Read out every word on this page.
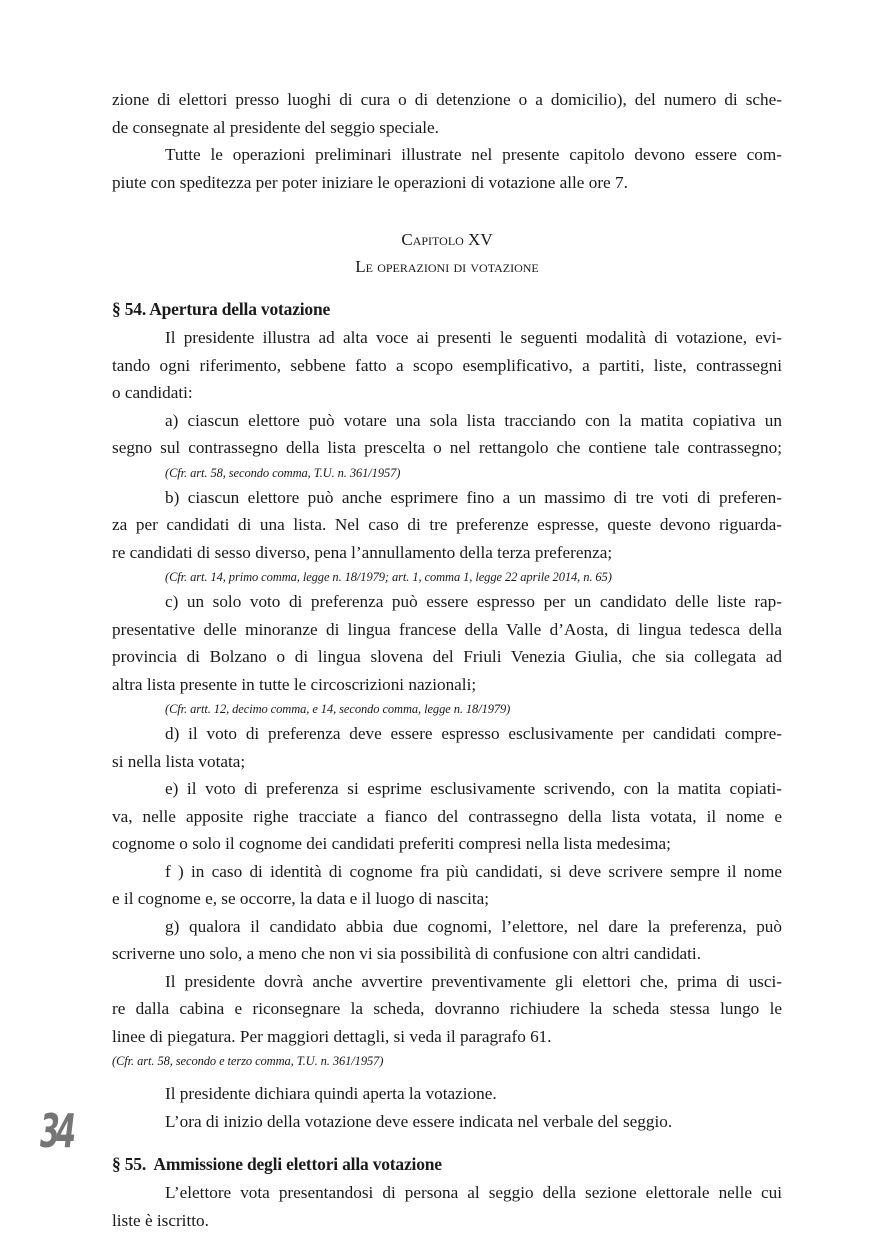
zione di elettori presso luoghi di cura o di detenzione o a domicilio), del numero di sche-
de consegnate al presidente del seggio speciale.
Tutte le operazioni preliminari illustrate nel presente capitolo devono essere com-
piute con speditezza per poter iniziare le operazioni di votazione alle ore 7.
Capitolo XV
Le operazioni di votazione
§ 54. Apertura della votazione
Il presidente illustra ad alta voce ai presenti le seguenti modalità di votazione, evi-
tando ogni riferimento, sebbene fatto a scopo esemplificativo, a partiti, liste, contrassegni
o candidati:
a) ciascun elettore può votare una sola lista tracciando con la matita copiativa un
segno sul contrassegno della lista prescelta o nel rettangolo che contiene tale contrassegno;
(Cfr. art. 58, secondo comma, T.U. n. 361/1957)
b) ciascun elettore può anche esprimere fino a un massimo di tre voti di preferen-
za per candidati di una lista. Nel caso di tre preferenze espresse, queste devono riguarda-
re candidati di sesso diverso, pena l’annullamento della terza preferenza;
(Cfr. art. 14, primo comma, legge n. 18/1979; art. 1, comma 1, legge 22 aprile 2014, n. 65)
c) un solo voto di preferenza può essere espresso per un candidato delle liste rap-
presentative delle minoranze di lingua francese della Valle d’Aosta, di lingua tedesca della
provincia di Bolzano o di lingua slovena del Friuli Venezia Giulia, che sia collegata ad
altra lista presente in tutte le circoscrizioni nazionali;
(Cfr. artt. 12, decimo comma, e 14, secondo comma, legge n. 18/1979)
d) il voto di preferenza deve essere espresso esclusivamente per candidati compre-
si nella lista votata;
e) il voto di preferenza si esprime esclusivamente scrivendo, con la matita copiati-
va, nelle apposite righe tracciate a fianco del contrassegno della lista votata, il nome e
cognome o solo il cognome dei candidati preferiti compresi nella lista medesima;
f ) in caso di identità di cognome fra più candidati, si deve scrivere sempre il nome
e il cognome e, se occorre, la data e il luogo di nascita;
g) qualora il candidato abbia due cognomi, l’elettore, nel dare la preferenza, può
scriverne uno solo, a meno che non vi sia possibilità di confusione con altri candidati.
Il presidente dovrà anche avvertire preventivamente gli elettori che, prima di usci-
re dalla cabina e riconsegnare la scheda, dovranno richiudere la scheda stessa lungo le
linee di piegatura. Per maggiori dettagli, si veda il paragrafo 61.
(Cfr. art. 58, secondo e terzo comma, T.U. n. 361/1957)
Il presidente dichiara quindi aperta la votazione.
L’ora di inizio della votazione deve essere indicata nel verbale del seggio.
§ 55.  Ammissione degli elettori alla votazione
L’elettore vota presentandosi di persona al seggio della sezione elettorale nelle cui
liste è iscritto.
34
